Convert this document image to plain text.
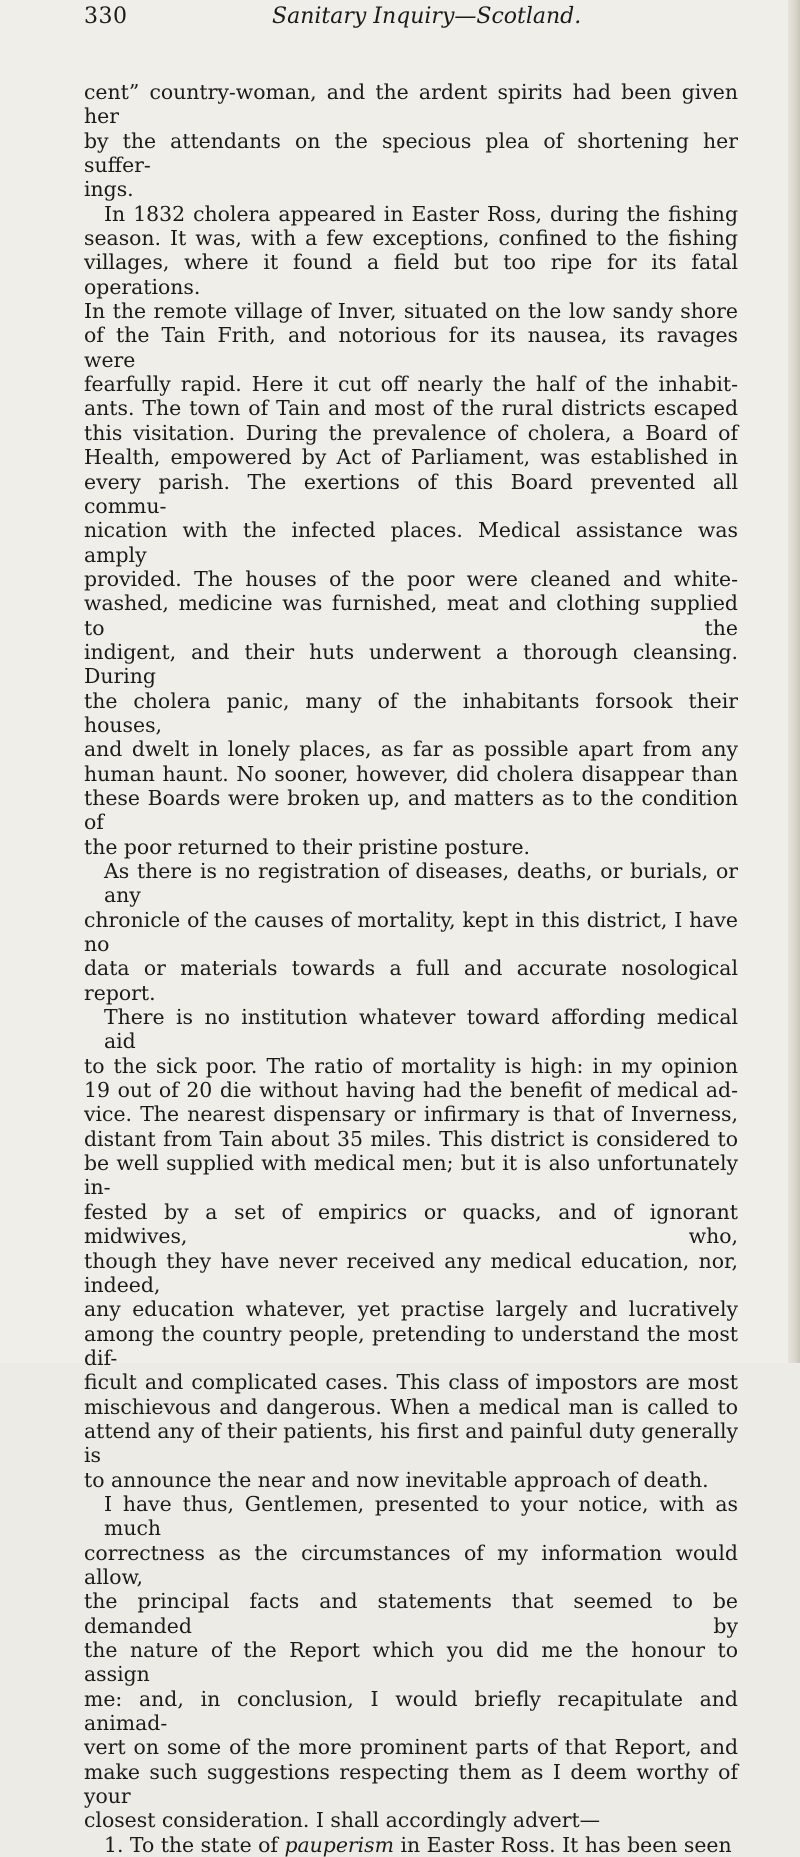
330	Sanitary Inquiry—Scotland.

cent” country-woman, and the ardent spirits had been given her

by the attendants on the specious plea of shortening her suffer-

ings.

In 1832 cholera appeared in Easter Ross, during the fishing

season. It was, with a few exceptions, confined to the fishing

villages, where it found a field but too ripe for its fatal operations.

In the remote village of Inver, situated on the low sandy shore

of the Tain Frith, and notorious for its nausea, its ravages were

fearfully rapid. Here it cut off nearly the half of the inhabit-

ants. The town of Tain and most of the rural districts escaped

this visitation. During the prevalence of cholera, a Board of

Health, empowered by Act of Parliament, was established in

every parish. The exertions of this Board prevented all commu-

nication with the infected places. Medical assistance was amply

provided. The houses of the poor were cleaned and white-

washed, medicine was furnished, meat and clothing supplied to the

indigent, and their huts underwent a thorough cleansing. During

the cholera panic, many of the inhabitants forsook their houses,

and dwelt in lonely places, as far as possible apart from any

human haunt. No sooner, however, did cholera disappear than

these Boards were broken up, and matters as to the condition of

the poor returned to their pristine posture.

As there is no registration of diseases, deaths, or burials, or any

chronicle of the causes of mortality, kept in this district, I have no

data or materials towards a full and accurate nosological report.

There is no institution whatever toward affording medical aid

to the sick poor. The ratio of mortality is high: in my opinion

19 out of 20 die without having had the benefit of medical ad-

vice. The nearest dispensary or infirmary is that of Inverness,

distant from Tain about 35 miles. This district is considered to

be well supplied with medical men; but it is also unfortunately in-

fested by a set of empirics or quacks, and of ignorant midwives, who,

though they have never received any medical education, nor, indeed,

any education whatever, yet practise largely and lucratively

among the country people, pretending to understand the most dif-

ficult and complicated cases. This class of impostors are most

mischievous and dangerous. When a medical man is called to

attend any of their patients, his first and painful duty generally is

to announce the near and now inevitable approach of death.

I have thus, Gentlemen, presented to your notice, with as much

correctness as the circumstances of my information would allow,

the principal facts and statements that seemed to be demanded by

the nature of the Report which you did me the honour to assign

me: and, in conclusion, I would briefly recapitulate and animad-

vert on some of the more prominent parts of that Report, and

make such suggestions respecting them as I deem worthy of your

closest consideration. I shall accordingly advert—

1. To the state of pauperism in Easter Ross. It has been seen
